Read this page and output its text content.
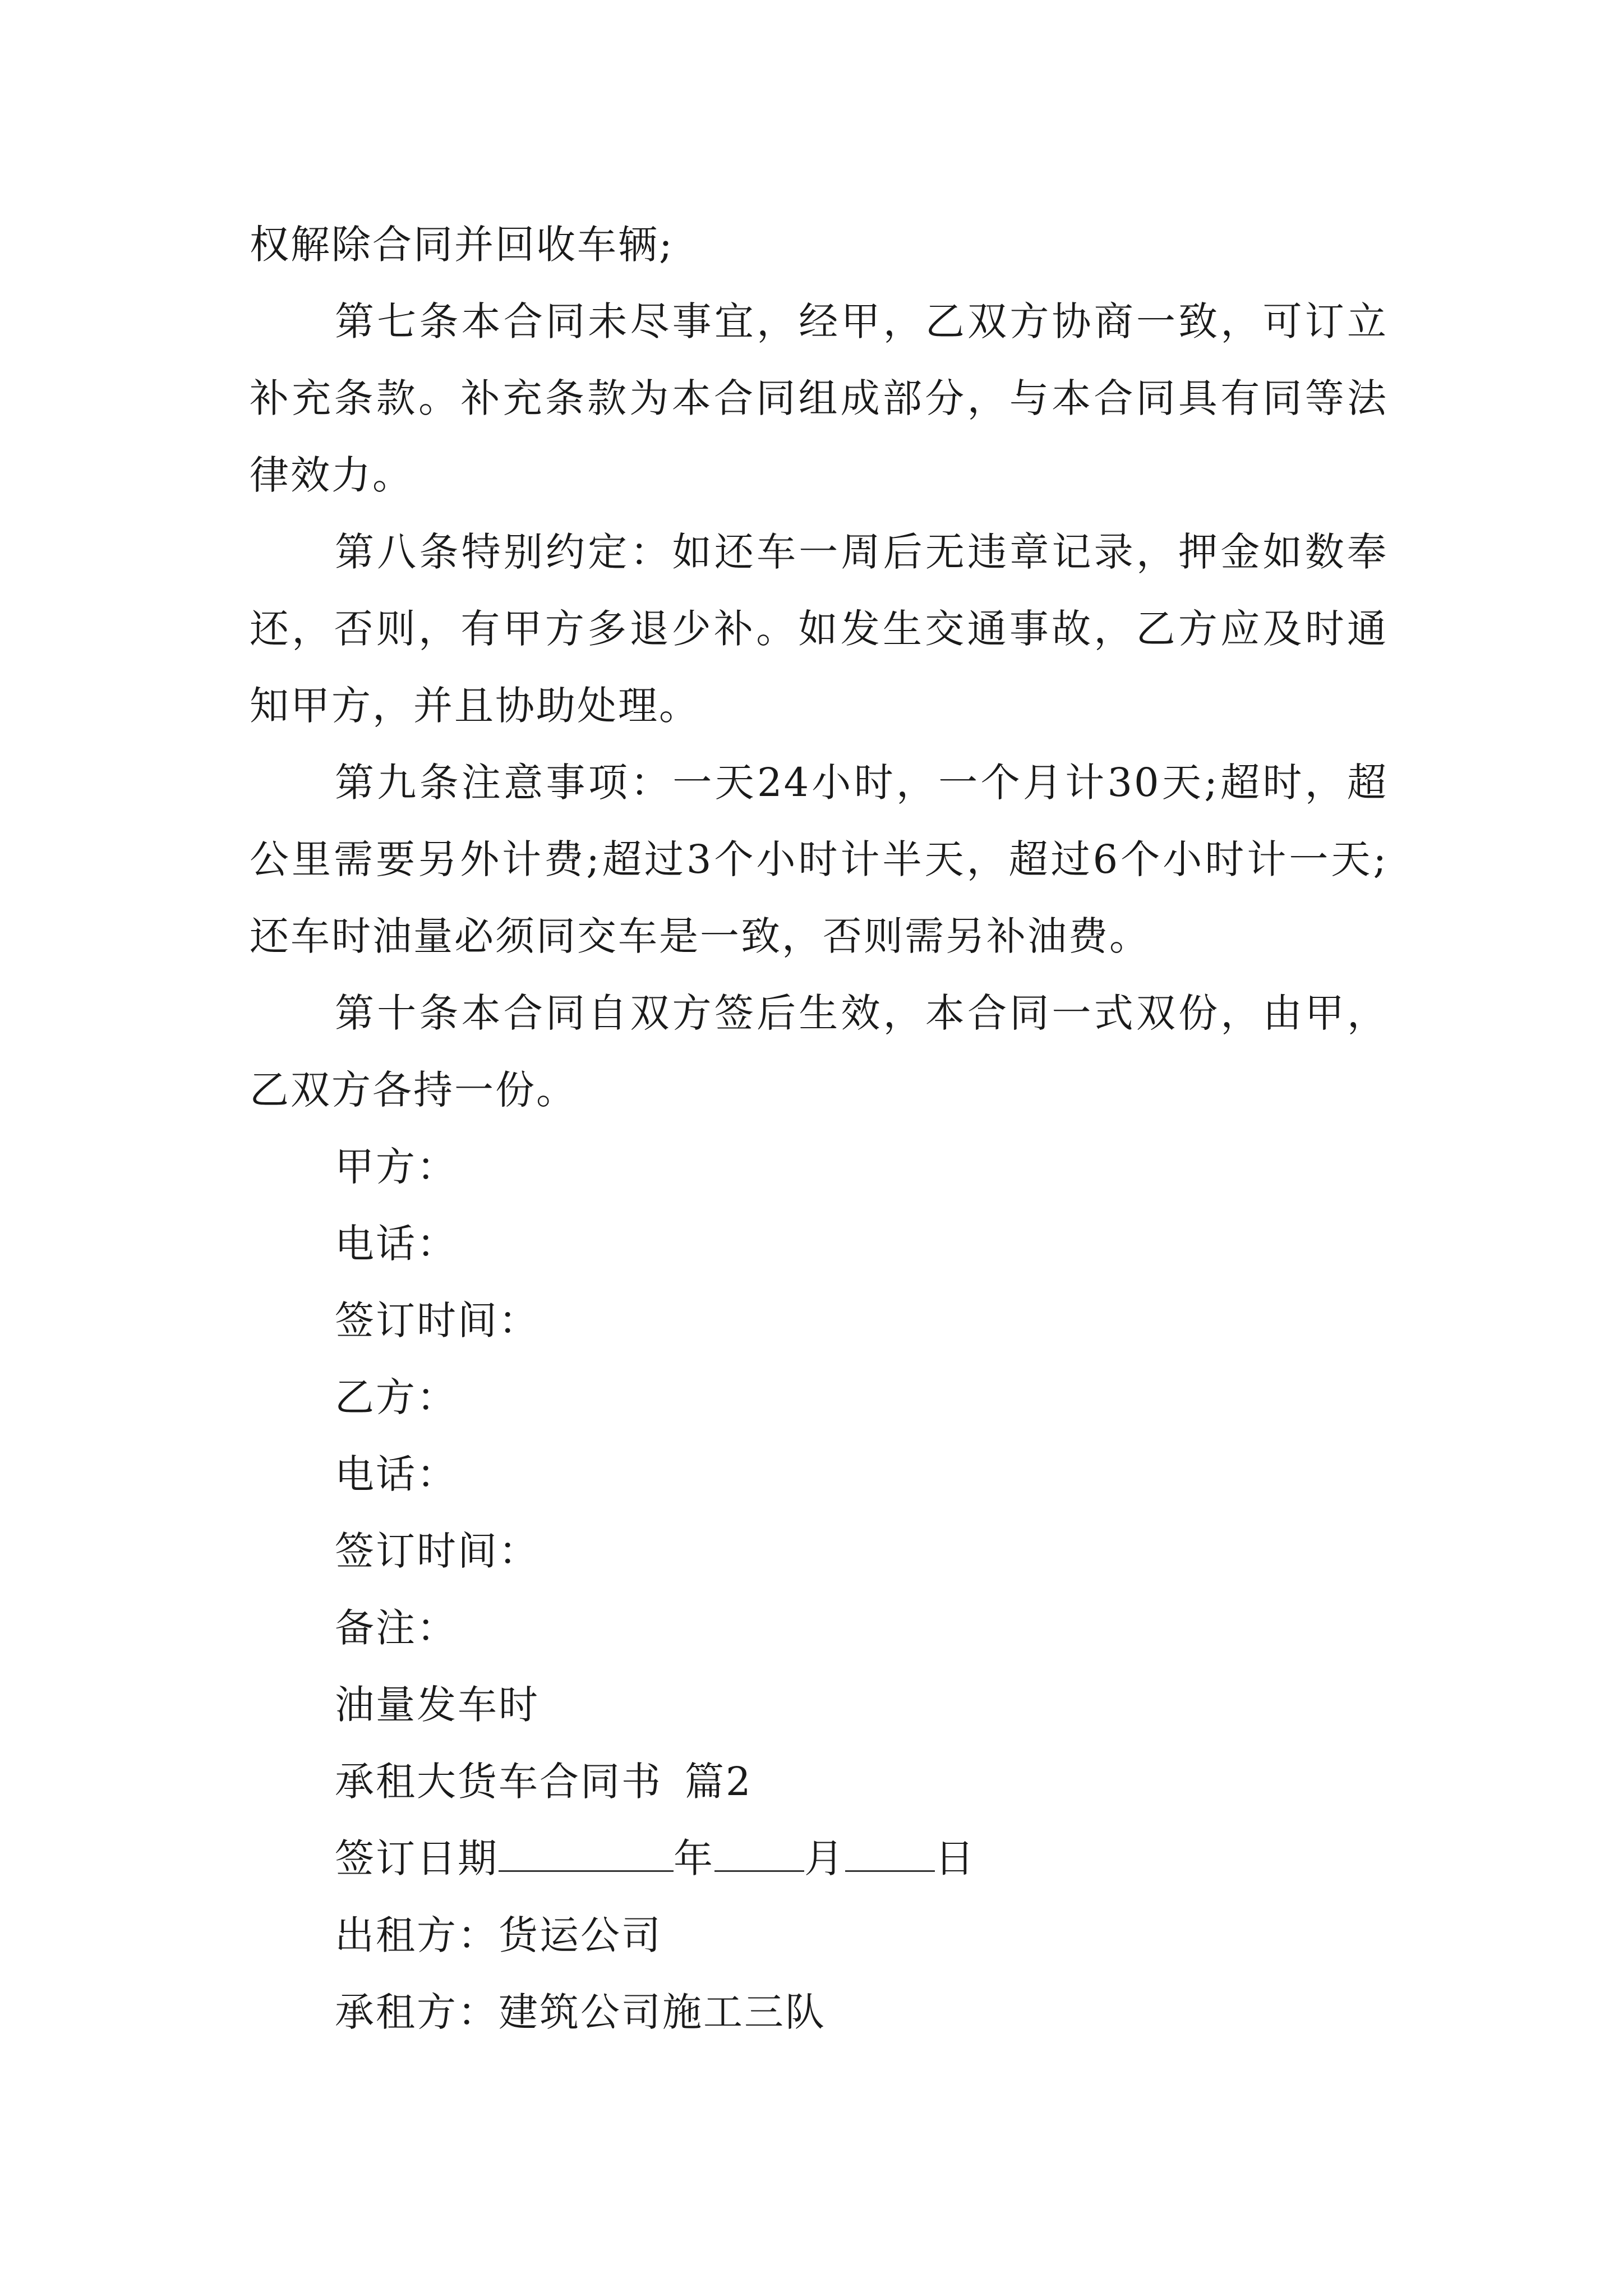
权解除合同并回收车辆;

第七条本合同未尽事宜，经甲，乙双方协商一致，可订立补充条款。补充条款为本合同组成部分，与本合同具有同等法律效力。

第八条特别约定：如还车一周后无违章记录，押金如数奉还，否则，有甲方多退少补。如发生交通事故，乙方应及时通知甲方，并且协助处理。

第九条注意事项：一天24小时，一个月计30天;超时，超公里需要另外计费;超过3个小时计半天，超过6个小时计一天;还车时油量必须同交车是一致，否则需另补油费。

第十条本合同自双方签后生效，本合同一式双份，由甲，乙双方各持一份。

甲方：

电话：

签订时间：

乙方：

电话：

签订时间：

备注：

油量发车时

承租大货车合同书 篇2

签订日期	年 月 日

出租方：货运公司

承租方：建筑公司施工三队
